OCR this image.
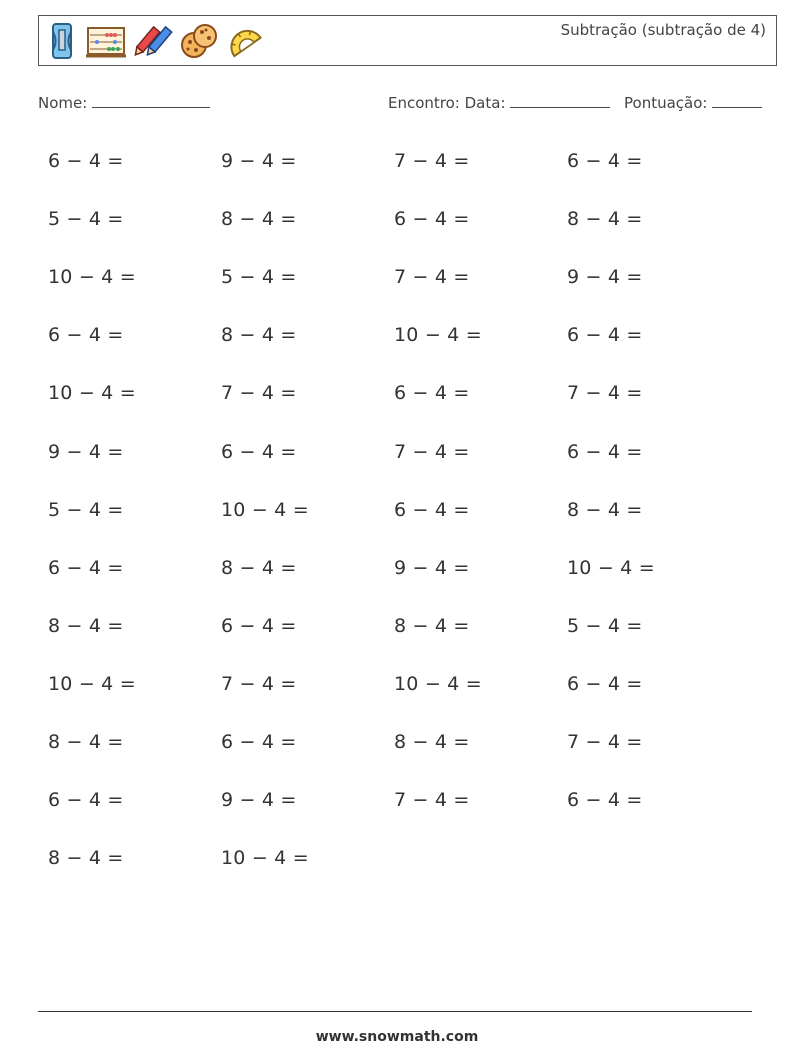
Subtração (subtração de 4)
Nome:	Encontro: Data:	Pontuação:
6 − 4 =	9 − 4 =	7 − 4 =	6 − 4 =
5 − 4 =	8 − 4 =	6 − 4 =	8 − 4 =
10 − 4 =	5 − 4 =	7 − 4 =	9 − 4 =
6 − 4 =	8 − 4 =	10 − 4 =	6 − 4 =
10 − 4 =	7 − 4 =	6 − 4 =	7 − 4 =
9 − 4 =	6 − 4 =	7 − 4 =	6 − 4 =
5 − 4 =	10 − 4 =	6 − 4 =	8 − 4 =
6 − 4 =	8 − 4 =	9 − 4 =	10 − 4 =
8 − 4 =	6 − 4 =	8 − 4 =	5 − 4 =
10 − 4 =	7 − 4 =	10 − 4 =	6 − 4 =
8 − 4 =	6 − 4 =	8 − 4 =	7 − 4 =
6 − 4 =	9 − 4 =	7 − 4 =	6 − 4 =
8 − 4 =	10 − 4 =
www.snowmath.com
